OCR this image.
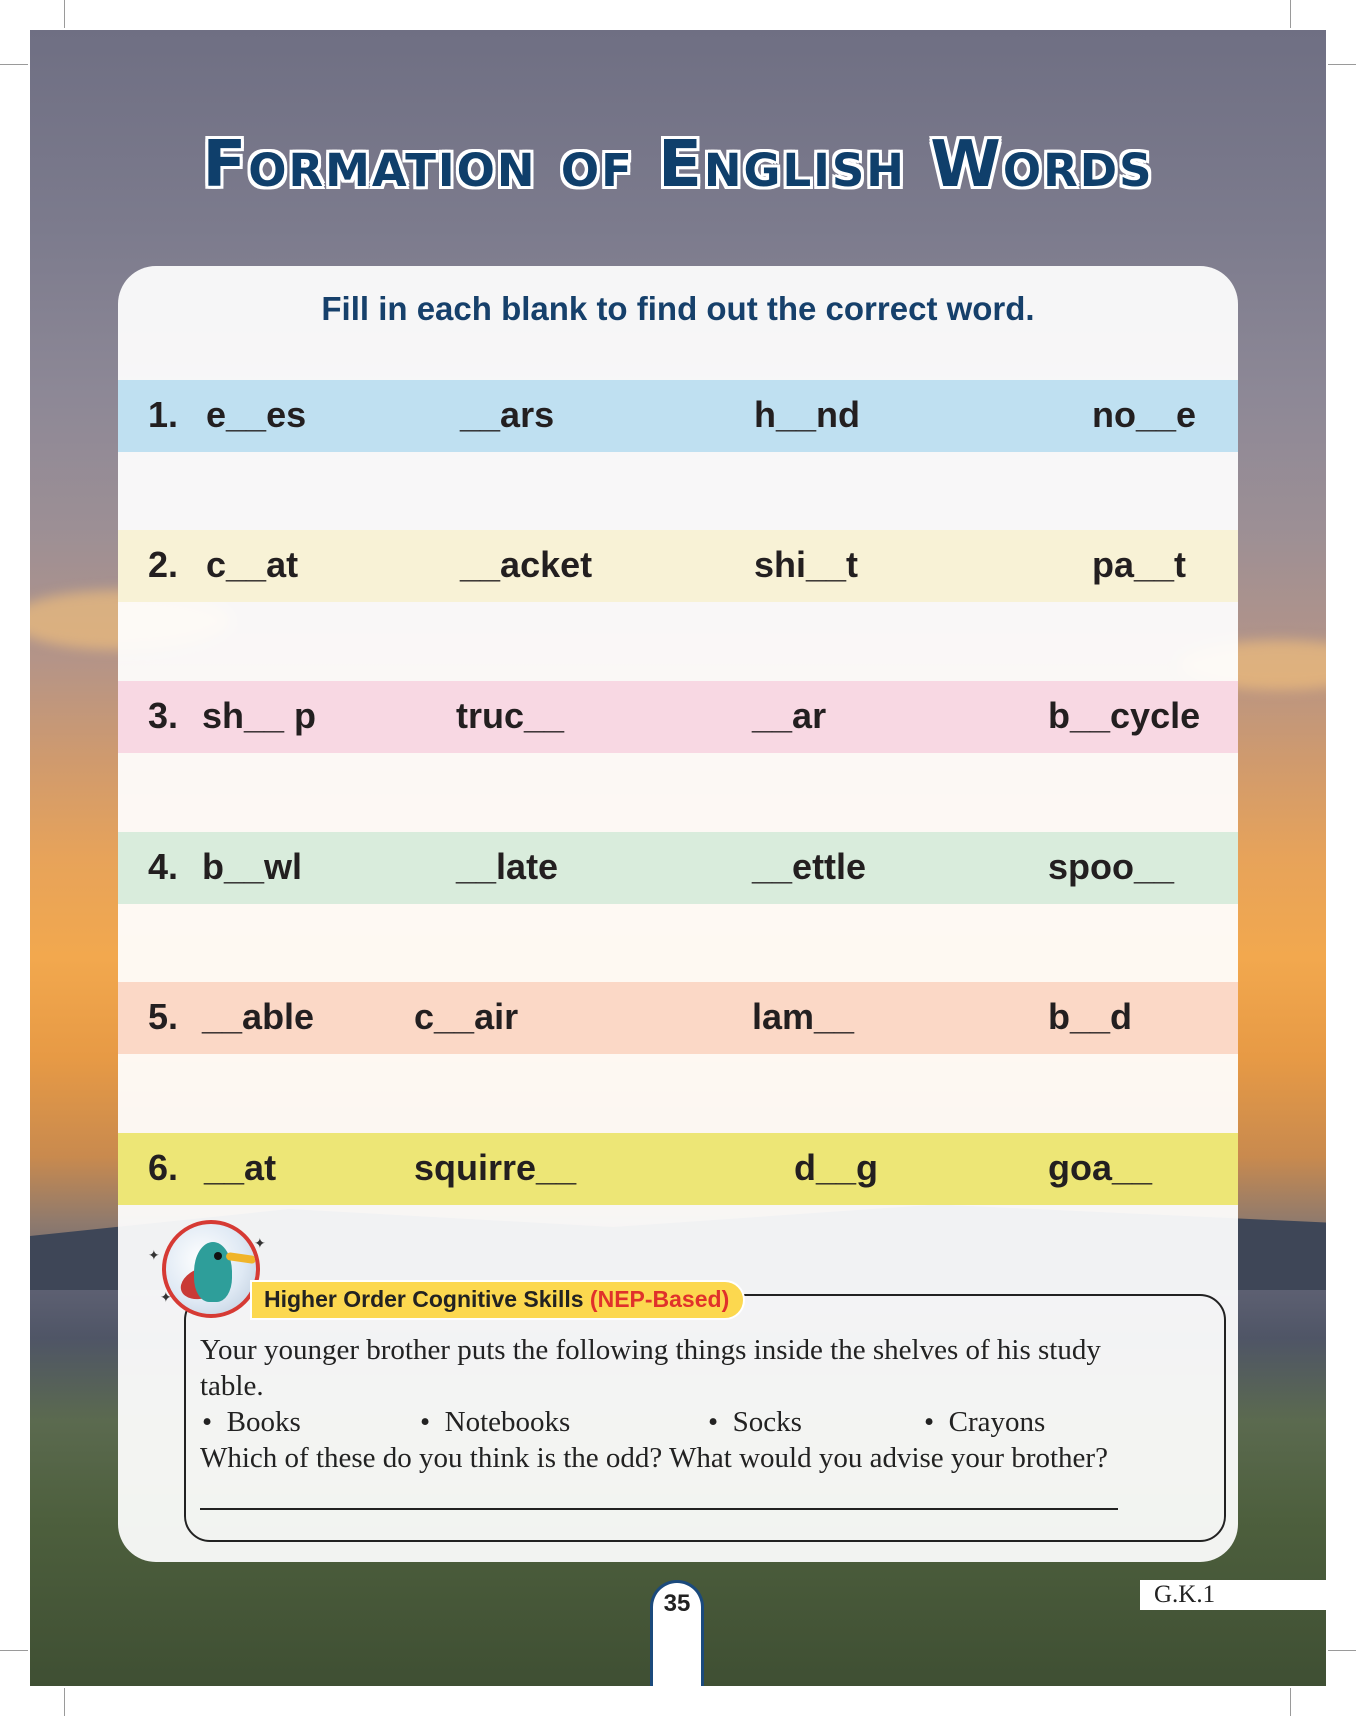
Formation of English Words
Fill in each blank to find out the correct word.
1. e__es	__ars	h__nd	no__e
2. c__at	__acket	shi__t	pa__t
3. sh__ p	truc__	__ar	b__cycle
4. b__wl	__late	__ettle	spoo__
5. __able	c__air	lam__	b__d
6. __at	squirre__	d__g	goa__
✦
✦
✦	Higher Order Cognitive Skills (NEP-Based)
Your younger brother puts the following things inside the shelves of his study
table.
•  Books	•  Notebooks	•  Socks	•  Crayons
Which of these do you think is the odd? What would you advise your brother?
35	G.K.1
